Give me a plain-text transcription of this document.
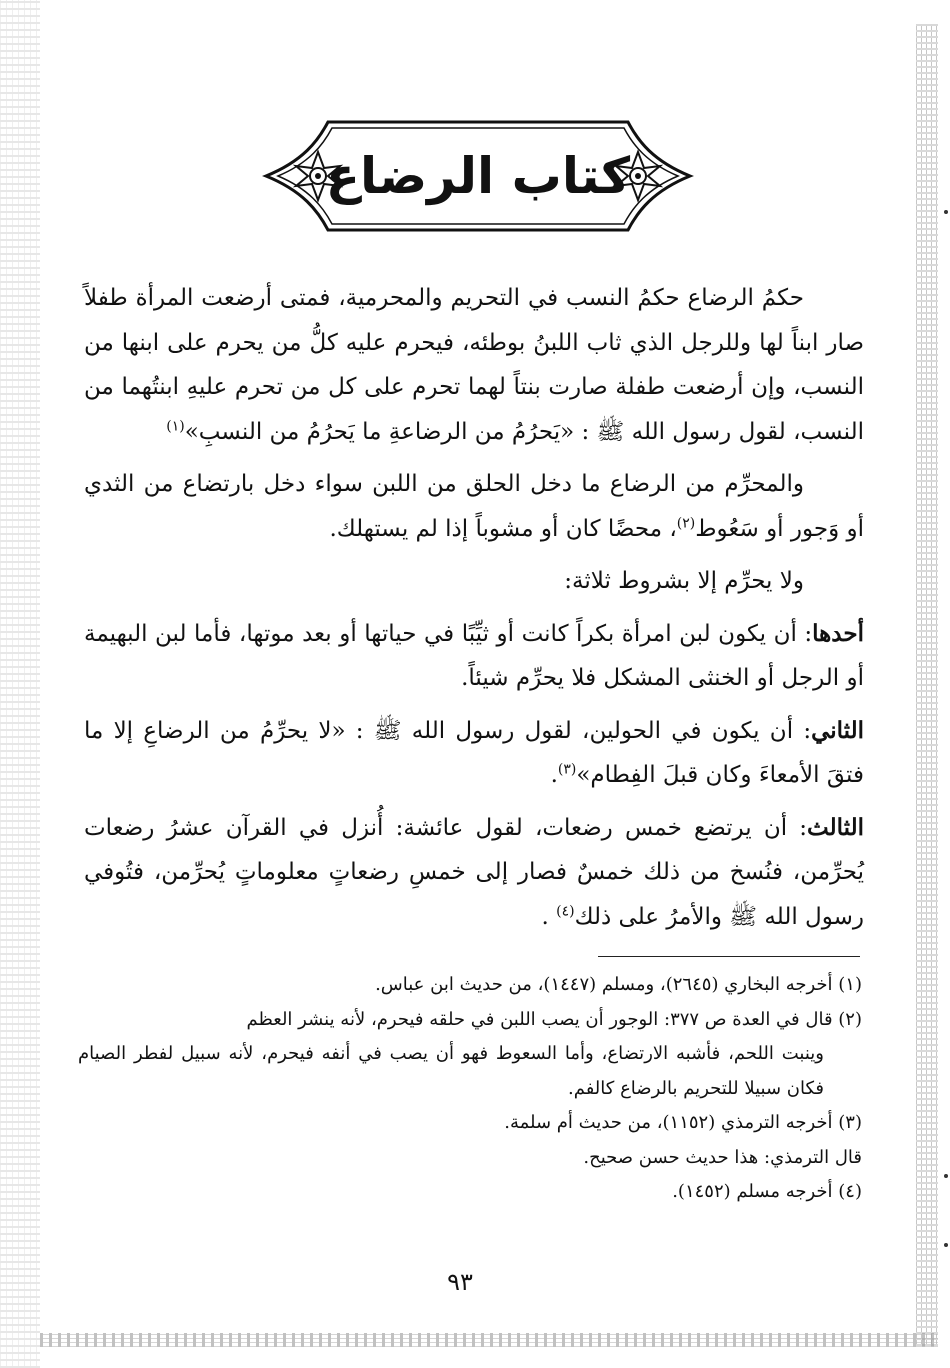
كتاب الرضاع

حكمُ الرضاع حكمُ النسب في التحريم والمحرمية، فمتى أرضعت المرأة طفلاً صار ابناً لها وللرجل الذي ثاب اللبنُ بوطئه، فيحرم عليه كلُّ من يحرم على ابنها من النسب، وإن أرضعت طفلة صارت بنتاً لهما تحرم على كل من تحرم عليهِ ابنتُهما من النسب، لقول رسول الله ﷺ : «يَحرُمُ من الرضاعةِ ما يَحرُمُ من النسبِ»$^{(١)}$

والمحرِّم من الرضاع ما دخل الحلق من اللبن سواء دخل بارتضاع من الثدي أو وَجور أو سَعُوط$^{(٢)}$، محضًا كان أو مشوباً إذا لم يستهلك.

ولا يحرِّم إلا بشروط ثلاثة:

أحدها: أن يكون لبن امرأة بكراً كانت أو ثيِّبًا في حياتها أو بعد موتها، فأما لبن البهيمة أو الرجل أو الخنثى المشكل فلا يحرِّم شيئاً.

الثاني: أن يكون في الحولين، لقول رسول الله ﷺ : «لا يحرِّمُ من الرضاعِ إلا ما فتقَ الأمعاءَ وكان قبلَ الفِطام»$^{(٣)}$.

الثالث: أن يرتضع خمس رضعات، لقول عائشة: أُنزل في القرآن عشرُ رضعات يُحرِّمن، فنُسخ من ذلك خمسٌ فصار إلى خمسِ رضعاتٍ معلوماتٍ يُحرِّمن، فتُوفي رسول الله ﷺ والأمرُ على ذلك$^{(٤)}$ .

(١) أخرجه البخاري (٢٦٤٥)، ومسلم (١٤٤٧)، من حديث ابن عباس.
(٢) قال في العدة ص ٣٧٧: الوجور أن يصب اللبن في حلقه فيحرم، لأنه ينشر العظم
وينبت اللحم، فأشبه الارتضاع، وأما السعوط فهو أن يصب في أنفه فيحرم، لأنه سبيل لفطر الصيام فكان سبيلا للتحريم بالرضاع كالفم.
(٣) أخرجه الترمذي (١١٥٢)، من حديث أم سلمة.
قال الترمذي: هذا حديث حسن صحيح.
(٤) أخرجه مسلم (١٤٥٢).
٩٣
